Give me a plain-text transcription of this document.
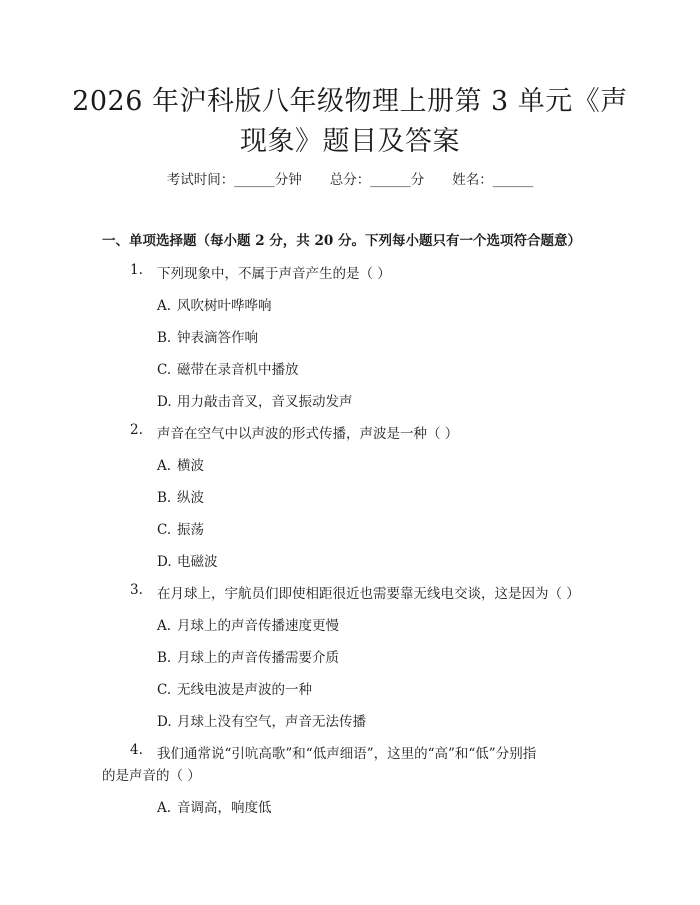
2026 年沪科版八年级物理上册第 3 单元《声
现象》题目及答案
考试时间：______分钟 总分：______分 姓名：______
一、单项选择题（每小题 2 分，共 20 分。下列每小题只有一个选项符合题意）
1. 下列现象中，不属于声音产生的是（ ）
A. 风吹树叶哗哗响
B. 钟表滴答作响
C. 磁带在录音机中播放
D. 用力敲击音叉，音叉振动发声
2. 声音在空气中以声波的形式传播，声波是一种（ ）
A. 横波
B. 纵波
C. 振荡
D. 电磁波
3. 在月球上，宇航员们即使相距很近也需要靠无线电交谈，这是因为（ ）
A. 月球上的声音传播速度更慢
B. 月球上的声音传播需要介质
C. 无线电波是声波的一种
D. 月球上没有空气，声音无法传播
4. 我们通常说“引吭高歌”和“低声细语”，这里的“高”和“低”分别指
的是声音的（ ）
A. 音调高，响度低
